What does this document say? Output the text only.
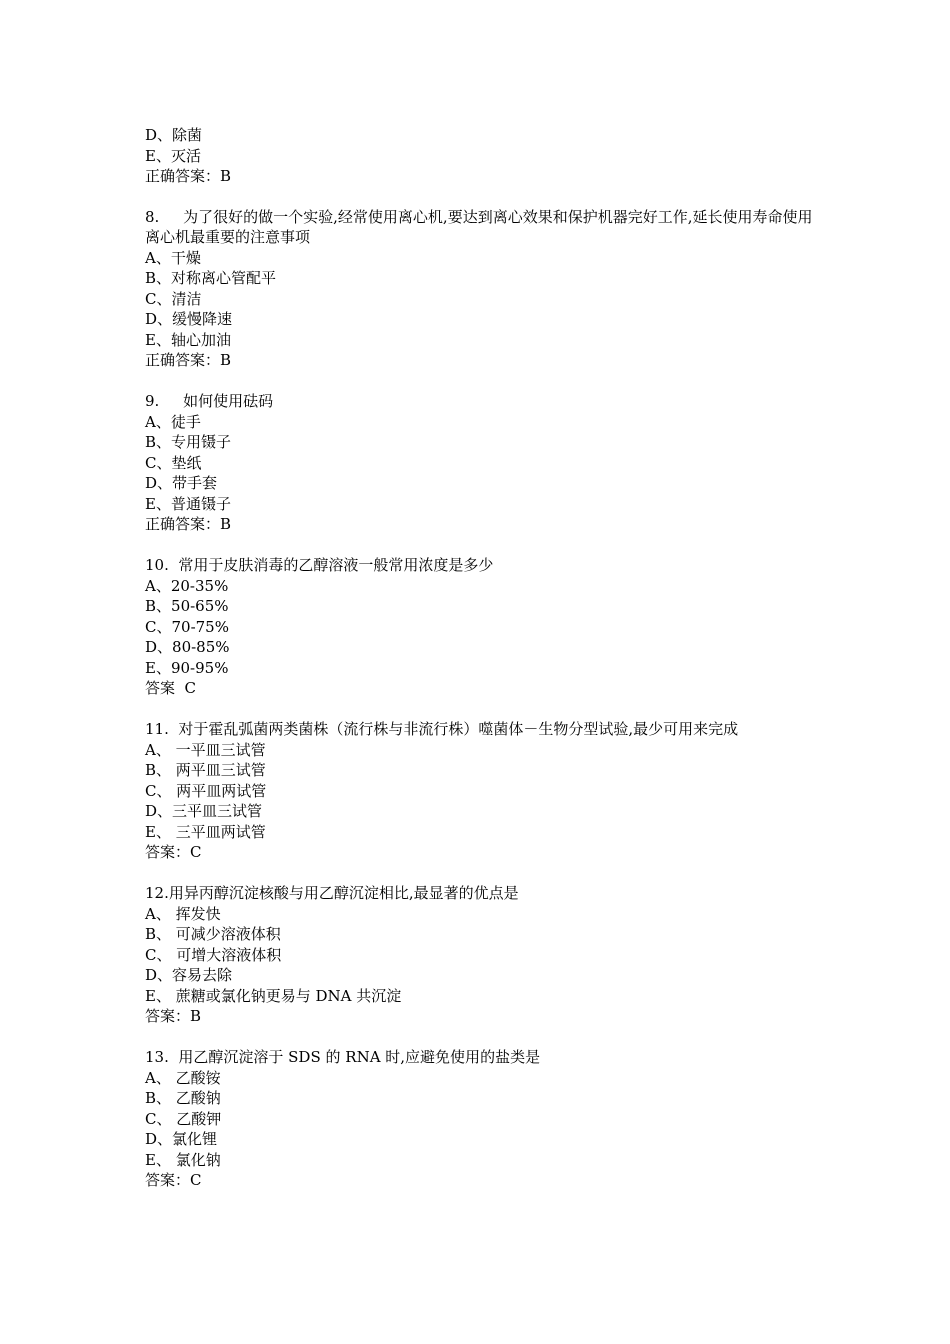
D、除菌
E、灭活
正确答案：B
8.     为了很好的做一个实验,经常使用离心机,要达到离心效果和保护机器完好工作,延长使用寿命使用离心机最重要的注意事项
A、干燥
B、对称离心管配平
C、清洁
D、缓慢降速
E、轴心加油
正确答案：B
9.     如何使用砝码
A、徒手
B、专用镊子
C、垫纸
D、带手套
E、普通镊子
正确答案：B
10.  常用于皮肤消毒的乙醇溶液一般常用浓度是多少
A、20-35%
B、50-65%
C、70-75%
D、80-85%
E、90-95%
答案  C
11.  对于霍乱弧菌两类菌株（流行株与非流行株）噬菌体－生物分型试验,最少可用来完成
A、 一平皿三试管
B、 两平皿三试管
C、 两平皿两试管
D、三平皿三试管
E、 三平皿两试管
答案：C
12.用异丙醇沉淀核酸与用乙醇沉淀相比,最显著的优点是
A、 挥发快
B、 可减少溶液体积
C、 可增大溶液体积
D、容易去除
E、 蔗糖或氯化钠更易与 DNA 共沉淀
答案：B
13.  用乙醇沉淀溶于 SDS 的 RNA 时,应避免使用的盐类是
A、 乙酸铵
B、 乙酸钠
C、 乙酸钾
D、氯化锂
E、 氯化钠
答案：C
